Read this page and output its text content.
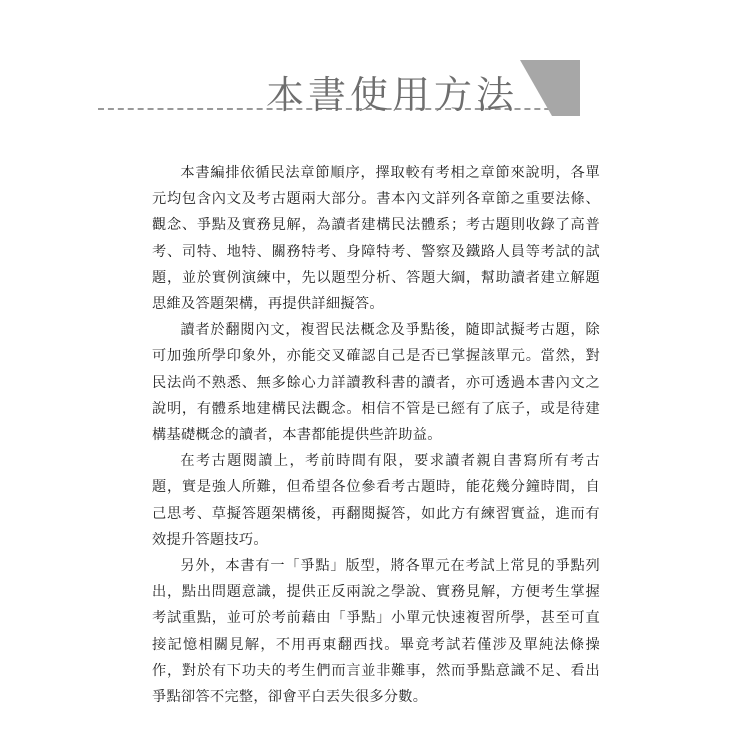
本書使用方法

本書編排依循民法章節順序，擇取較有考相之章節來說明，各單元均包含內文及考古題兩大部分。書本內文詳列各章節之重要法條、觀念、爭點及實務見解，為讀者建構民法體系；考古題則收錄了高普考、司特、地特、關務特考、身障特考、警察及鐵路人員等考試的試題，並於實例演練中，先以題型分析、答題大綱，幫助讀者建立解題思維及答題架構，再提供詳細擬答。

讀者於翻閱內文，複習民法概念及爭點後，隨即試擬考古題，除可加強所學印象外，亦能交叉確認自己是否已掌握該單元。當然，對民法尚不熟悉、無多餘心力詳讀教科書的讀者，亦可透過本書內文之說明，有體系地建構民法觀念。相信不管是已經有了底子，或是待建構基礎概念的讀者，本書都能提供些許助益。

在考古題閱讀上，考前時間有限，要求讀者親自書寫所有考古題，實是強人所難，但希望各位參看考古題時，能花幾分鐘時間，自己思考、草擬答題架構後，再翻閱擬答，如此方有練習實益，進而有效提升答題技巧。

另外，本書有一「爭點」版型，將各單元在考試上常見的爭點列出，點出問題意識，提供正反兩說之學說、實務見解，方便考生掌握考試重點，並可於考前藉由「爭點」小單元快速複習所學，甚至可直接記憶相關見解，不用再東翻西找。畢竟考試若僅涉及單純法條操作，對於有下功夫的考生們而言並非難事，然而爭點意識不足、看出爭點卻答不完整，卻會平白丟失很多分數。
